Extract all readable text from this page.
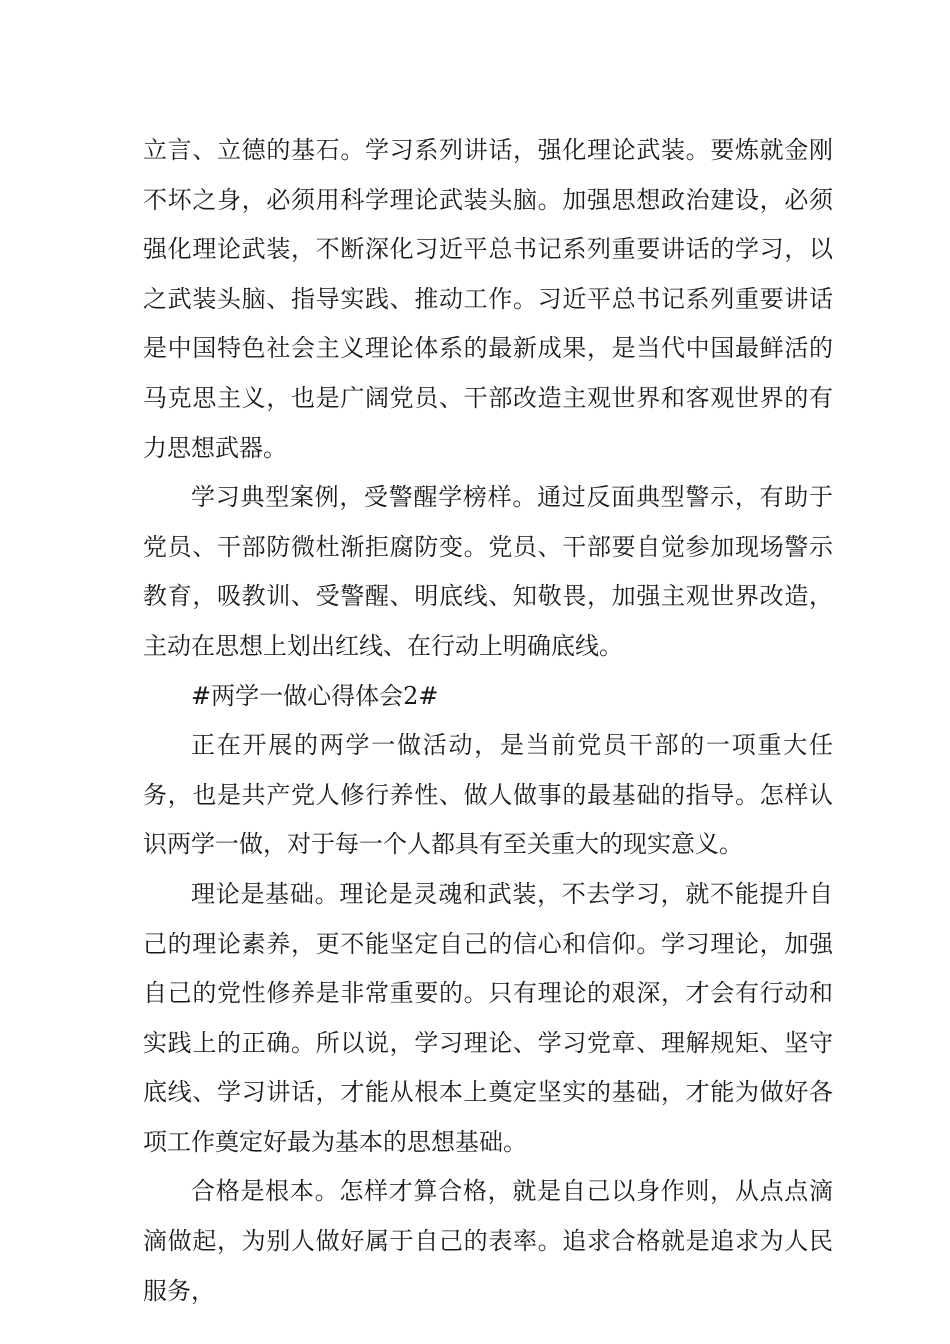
立言、立德的基石。学习系列讲话，强化理论武装。要炼就金刚不坏之身，必须用科学理论武装头脑。加强思想政治建设，必须强化理论武装，不断深化习近平总书记系列重要讲话的学习，以之武装头脑、指导实践、推动工作。习近平总书记系列重要讲话是中国特色社会主义理论体系的最新成果，是当代中国最鲜活的马克思主义，也是广阔党员、干部改造主观世界和客观世界的有力思想武器。

学习典型案例，受警醒学榜样。通过反面典型警示，有助于党员、干部防微杜渐拒腐防变。党员、干部要自觉参加现场警示教育，吸教训、受警醒、明底线、知敬畏，加强主观世界改造，主动在思想上划出红线、在行动上明确底线。

#两学一做心得体会2#

正在开展的两学一做活动，是当前党员干部的一项重大任务，也是共产党人修行养性、做人做事的最基础的指导。怎样认识两学一做，对于每一个人都具有至关重大的现实意义。

理论是基础。理论是灵魂和武装，不去学习，就不能提升自己的理论素养，更不能坚定自己的信心和信仰。学习理论，加强自己的党性修养是非常重要的。只有理论的艰深，才会有行动和实践上的正确。所以说，学习理论、学习党章、理解规矩、坚守底线、学习讲话，才能从根本上奠定坚实的基础，才能为做好各项工作奠定好最为基本的思想基础。

合格是根本。怎样才算合格，就是自己以身作则，从点点滴滴做起，为别人做好属于自己的表率。追求合格就是追求为人民服务，
